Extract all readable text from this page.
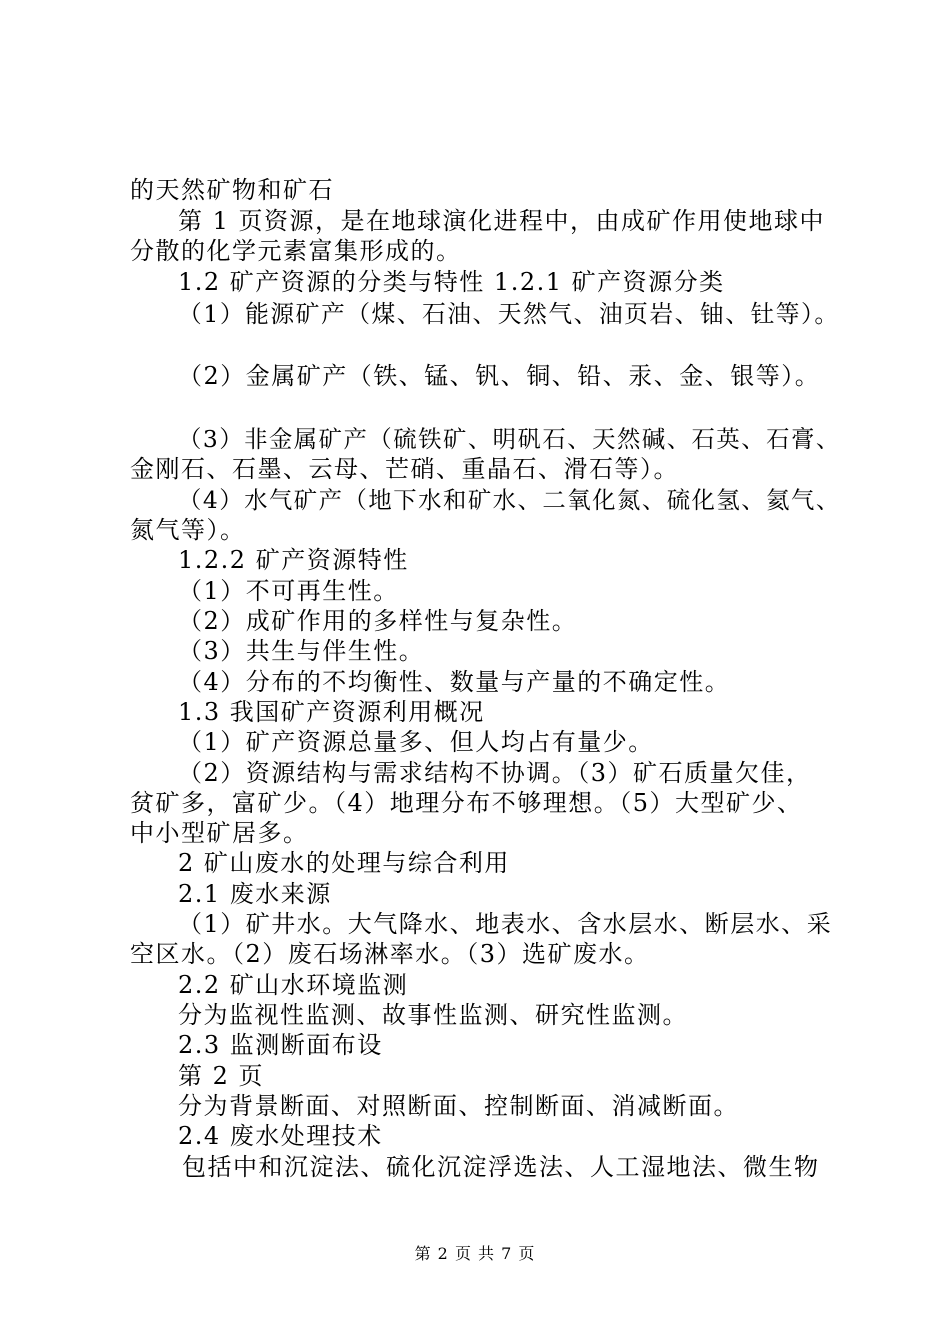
的天然矿物和矿石
第 1 页资源，是在地球演化进程中，由成矿作用使地球中
分散的化学元素富集形成的。
1.2 矿产资源的分类与特性 1.2.1 矿产资源分类
（1）能源矿产（煤、石油、天然气、油页岩、铀、钍等）。
（2）金属矿产（铁、锰、钒、铜、铅、汞、金、银等）。
（3）非金属矿产（硫铁矿、明矾石、天然碱、石英、石膏、
金刚石、石墨、云母、芒硝、重晶石、滑石等）。
（4）水气矿产（地下水和矿水、二氧化氮、硫化氢、氦气、
氮气等）。
1.2.2 矿产资源特性
（1）不可再生性。
（2）成矿作用的多样性与复杂性。
（3）共生与伴生性。
（4）分布的不均衡性、数量与产量的不确定性。
1.3 我国矿产资源利用概况
（1）矿产资源总量多、但人均占有量少。
（2）资源结构与需求结构不协调。（3）矿石质量欠佳，
贫矿多，富矿少。（4）地理分布不够理想。（5）大型矿少、
中小型矿居多。
2 矿山废水的处理与综合利用
2.1 废水来源
（1）矿井水。大气降水、地表水、含水层水、断层水、采
空区水。（2）废石场淋率水。（3）选矿废水。
2.2 矿山水环境监测
分为监视性监测、故事性监测、研究性监测。
2.3 监测断面布设
第 2 页
分为背景断面、对照断面、控制断面、消减断面。
2.4 废水处理技术
包括中和沉淀法、硫化沉淀浮选法、人工湿地法、微生物
第 2 页 共 7 页
